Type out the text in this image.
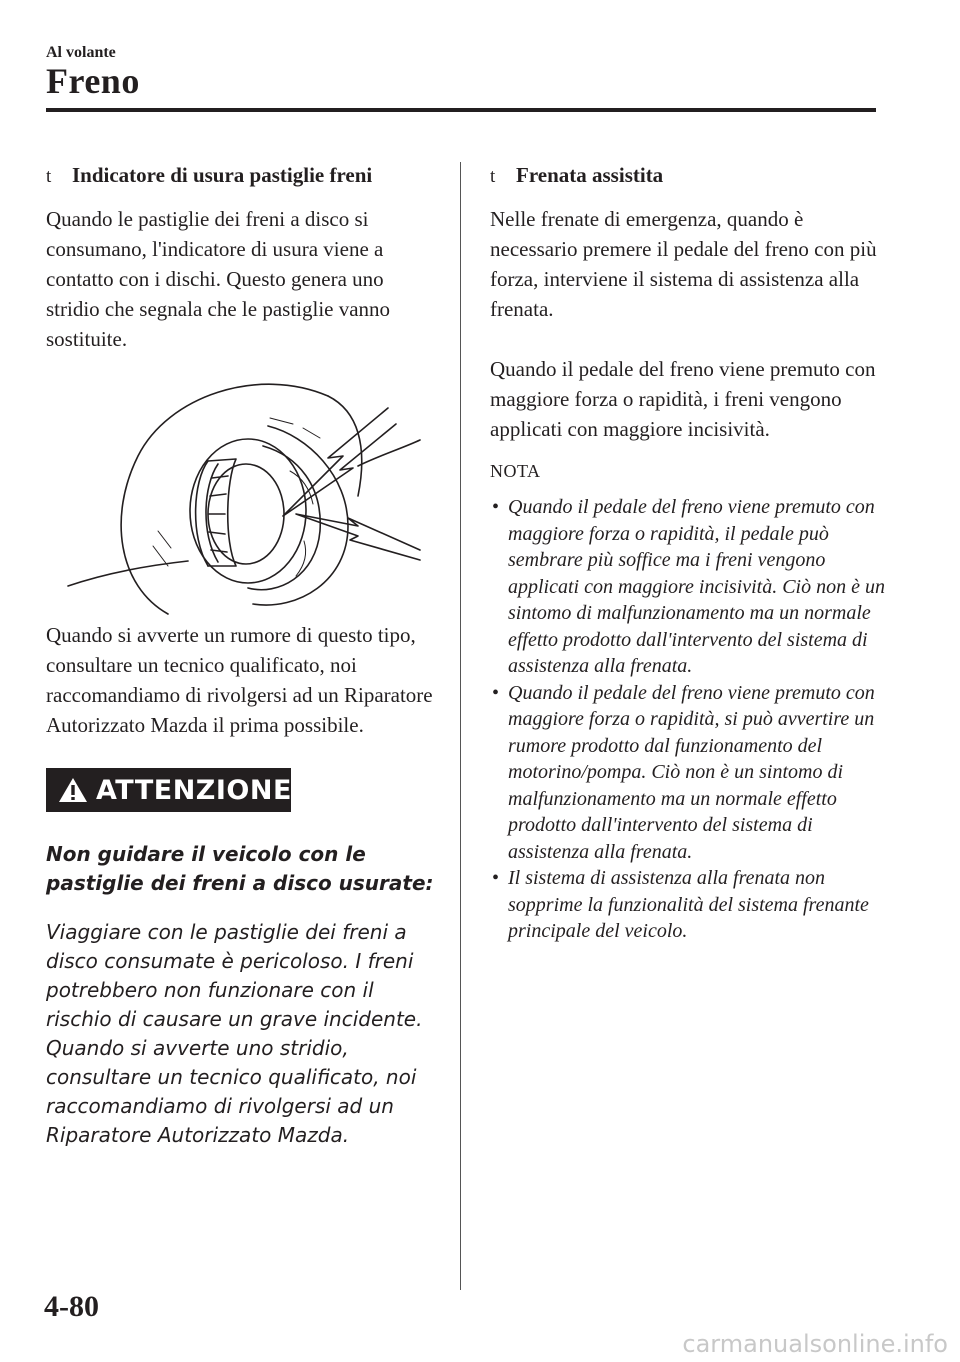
Al volante
Freno
t Indicatore di usura pastiglie freni

Quando le pastiglie dei freni a disco si consumano, l'indicatore di usura viene a contatto con i dischi. Questo genera uno stridio che segnala che le pastiglie vanno sostituite.

Quando si avverte un rumore di questo tipo, consultare un tecnico qualificato, noi raccomandiamo di rivolgersi ad un Riparatore Autorizzato Mazda il prima possibile.

ATTENZIONE

Non guidare il veicolo con le pastiglie dei freni a disco usurate:

Viaggiare con le pastiglie dei freni a disco consumate è pericoloso. I freni potrebbero non funzionare con il rischio di causare un grave incidente. Quando si avverte uno stridio, consultare un tecnico qualificato, noi raccomandiamo di rivolgersi ad un Riparatore Autorizzato Mazda.

t Frenata assistita

Nelle frenate di emergenza, quando è necessario premere il pedale del freno con più forza, interviene il sistema di assistenza alla frenata.

Quando il pedale del freno viene premuto con maggiore forza o rapidità, i freni vengono applicati con maggiore incisività.

NOTA
• Quando il pedale del freno viene premuto con maggiore forza o rapidità, il pedale può sembrare più soffice ma i freni vengono applicati con maggiore incisività. Ciò non è un sintomo di malfunzionamento ma un normale effetto prodotto dall'intervento del sistema di assistenza alla frenata.
• Quando il pedale del freno viene premuto con maggiore forza o rapidità, si può avvertire un rumore prodotto dal funzionamento del motorino/pompa. Ciò non è un sintomo di malfunzionamento ma un normale effetto prodotto dall'intervento del sistema di assistenza alla frenata.
• Il sistema di assistenza alla frenata non sopprime la funzionalità del sistema frenante principale del veicolo.
4-80
carmanualsonline.info
